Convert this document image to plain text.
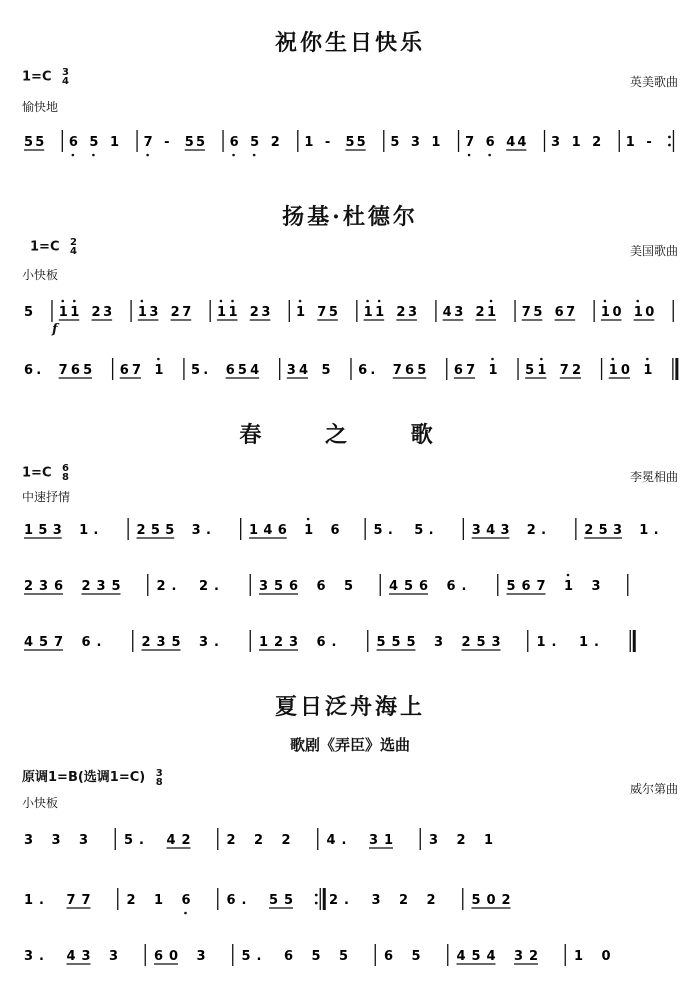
祝你生日快乐
1=C 3
4	英美歌曲
愉快地
5 5 6 5 1 7 - 5 5 6 5 2 1 - 5 5 5 3 1 7 6 4 4 3 1 2 1 -
扬基·杜德尔
1=C 2
4	美国歌曲
小快板
5 1 1 2 3 1 3 2 7 1 1 2 3 1 7 5 1 1 2 3 4 3 2 1 7 5 6 7 1 0 1 0
f
6 . 7 6 5 6 7 1 5 . 6 5 4 3 4 5 6 . 7 6 5 6 7 1 5 1 7 2 1 0 1
春 之 歌
1=C 6
8	李冕相曲
中速抒情
1 5 3 1 .	2 5 5 3 .	1 4 6 1 6	5 . 5 .	3 4 3 2 .	2 5 3 1 .
2 3 6 2 3 5	2 . 2 .	3 5 6 6 5	4 5 6 6 .	5 6 7 1 3
4 5 7 6 .	2 3 5 3 .	1 2 3 6 .	5 5 5 3 2 5 3	1 . 1 .
夏日泛舟海上
歌剧《弄臣》选曲
原调1=B(选调1=C) 3
8	威尔第曲
小快板
3 3 3	5 . 4 2	2 2 2	4 . 3 1	3 2 1
1 . 7 7	2 1 6	6 . 5 5	2 . 3 2 2	5 0 2
3 . 4 3 3	6 0 3	5 . 6 5 5	6 5	4 5 4 3 2	1 0
